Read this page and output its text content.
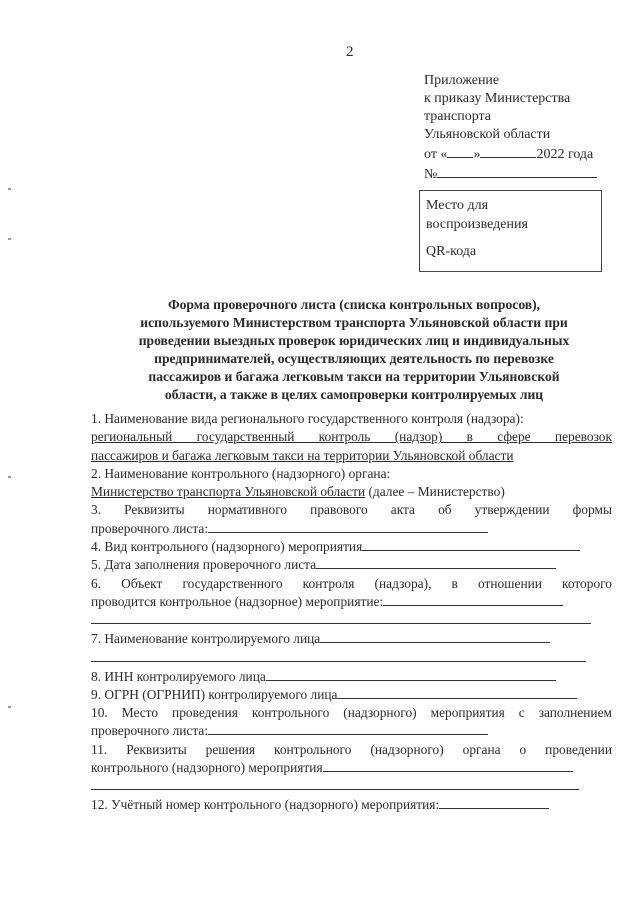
2
Приложение
к приказу Министерства
транспорта
Ульяновской области
от « »	2022 года
№
Место для
воспроизведения
QR-кода
Форма проверочного листа (списка контрольных вопросов),
используемого Министерством транспорта Ульяновской области при
проведении выездных проверок юридических лиц и индивидуальных
предпринимателей, осуществляющих деятельность по перевозке
пассажиров и багажа легковым такси на территории Ульяновской
области, а также в целях самопроверки контролируемых лиц
1. Наименование вида регионального государственного контроля (надзора):
региональный государственный контроль (надзор) в сфере перевозок
пассажиров и багажа легковым такси на территории Ульяновской области
2. Наименование контрольного (надзорного) органа:
Министерство транспорта Ульяновской области (далее – Министерство)
3. Реквизиты нормативного правового акта об утверждении формы
проверочного листа:
4. Вид контрольного (надзорного) мероприятия
5. Дата заполнения проверочного листа
6. Объект государственного контроля (надзора), в отношении которого
проводится контрольное (надзорное) мероприятие:
7. Наименование контролируемого лица
8. ИНН контролируемого лица
9. ОГРН (ОГРНИП) контролируемого лица
10. Место проведения контрольного (надзорного) мероприятия с заполнением
проверочного листа:
11. Реквизиты решения контрольного (надзорного) органа о проведении
контрольного (надзорного) мероприятия
12. Учётный номер контрольного (надзорного) мероприятия:
